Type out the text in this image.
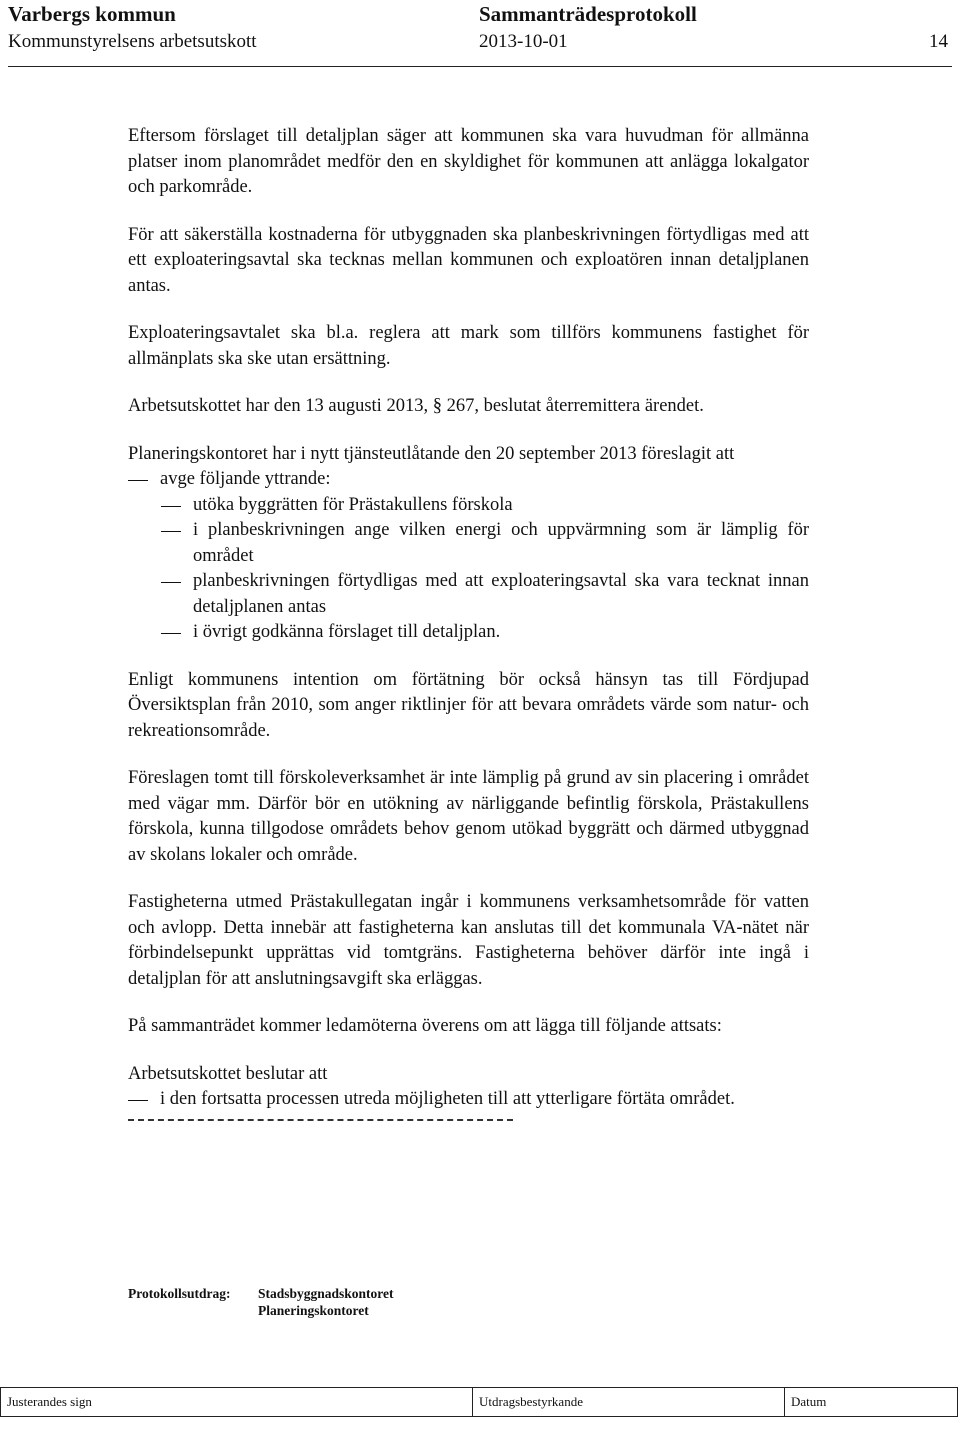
Varbergs kommun	Sammanträdesprotokoll
Kommunstyrelsens arbetsutskott	2013-10-01	14

Eftersom förslaget till detaljplan säger att kommunen ska vara huvudman för allmänna platser inom planområdet medför den en skyldighet för kommunen att anlägga lokalgator och parkområde.

För att säkerställa kostnaderna för utbyggnaden ska planbeskrivningen förtydligas med att ett exploateringsavtal ska tecknas mellan kommunen och exploatören innan detaljplanen antas.

Exploateringsavtalet ska bl.a. reglera att mark som tillförs kommunens fastighet för allmänplats ska ske utan ersättning.

Arbetsutskottet har den 13 augusti 2013, § 267, beslutat återremittera ärendet.

Planeringskontoret har i nytt tjänsteutlåtande den 20 september 2013 föreslagit att

avge följande yttrande:
utöka byggrätten för Prästakullens förskola
i planbeskrivningen ange vilken energi och uppvärmning som är lämplig för området
planbeskrivningen förtydligas med att exploateringsavtal ska vara tecknat innan detaljplanen antas
i övrigt godkänna förslaget till detaljplan.

Enligt kommunens intention om förtätning bör också hänsyn tas till Fördjupad Översiktsplan från 2010, som anger riktlinjer för att bevara områdets värde som natur- och rekreationsområde.

Föreslagen tomt till förskoleverksamhet är inte lämplig på grund av sin placering i området med vägar mm. Därför bör en utökning av närliggande befintlig förskola, Prästakullens förskola, kunna tillgodose områdets behov genom utökad byggrätt och därmed utbyggnad av skolans lokaler och område.

Fastigheterna utmed Prästakullegatan ingår i kommunens verksamhetsområde för vatten och avlopp. Detta innebär att fastigheterna kan anslutas till det kommunala VA-nätet när förbindelsepunkt upprättas vid tomtgräns. Fastigheterna behöver därför inte ingå i detaljplan för att anslutningsavgift ska erläggas.

På sammanträdet kommer ledamöterna överens om att lägga till följande attsats:

Arbetsutskottet beslutar att

i den fortsatta processen utreda möjligheten till att ytterligare förtäta området.
Protokollsutdrag: Stadsbyggnadskontoret
Planeringskontoret
Justerandes sign	Utdragsbestyrkande	Datum
